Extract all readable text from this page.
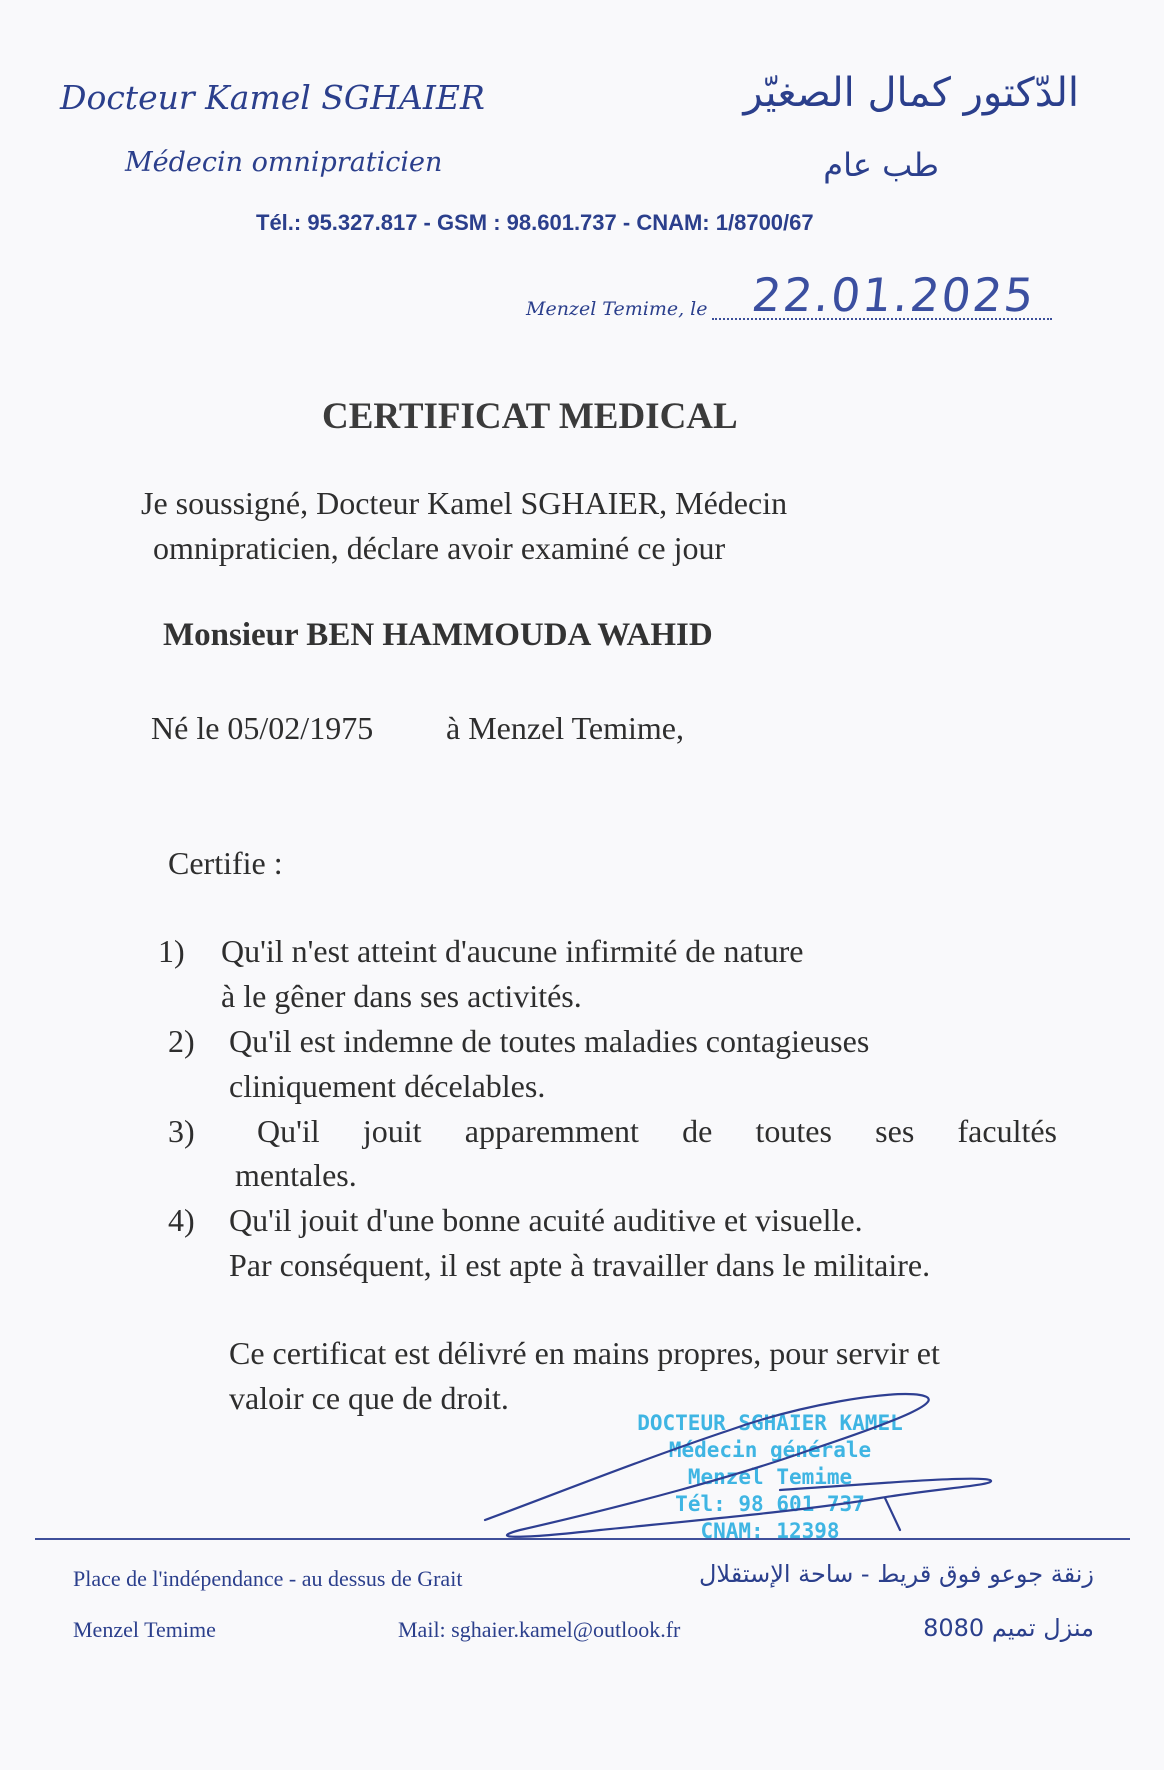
Docteur Kamel SGHAIER
Médecin omnipraticien
الدّكتور كمال الصغيّر
طب عام
Tél.: 95.327.817 - GSM : 98.601.737 - CNAM: 1/8700/67
Menzel Temime, le 22.01.2025
CERTIFICAT MEDICAL
Je soussigné, Docteur Kamel SGHAIER, Médecin
omnipraticien, déclare avoir examiné ce jour
Monsieur BEN HAMMOUDA WAHID
Né le 05/02/1975 à Menzel Temime,
Certifie :
1) Qu'il n'est atteint d'aucune infirmité de nature
à le gêner dans ses activités.
2) Qu'il est indemne de toutes maladies contagieuses
cliniquement décelables.
3) Qu'il jouit apparemment de toutes ses facultés
mentales.
4) Qu'il jouit d'une bonne acuité auditive et visuelle.
Par conséquent, il est apte à travailler dans le militaire.
Ce certificat est délivré en mains propres, pour servir et
valoir ce que de droit.
DOCTEUR SGHAIER KAMEL
Médecin générale
Menzel Temime
Tél: 98 601 737
CNAM: 12398
Place de l'indépendance - au dessus de Grait
Menzel Temime	Mail: sghaier.kamel@outlook.fr
زنقة جوعو فوق قريط - ساحة الإستقلال
منزل تميم 8080
